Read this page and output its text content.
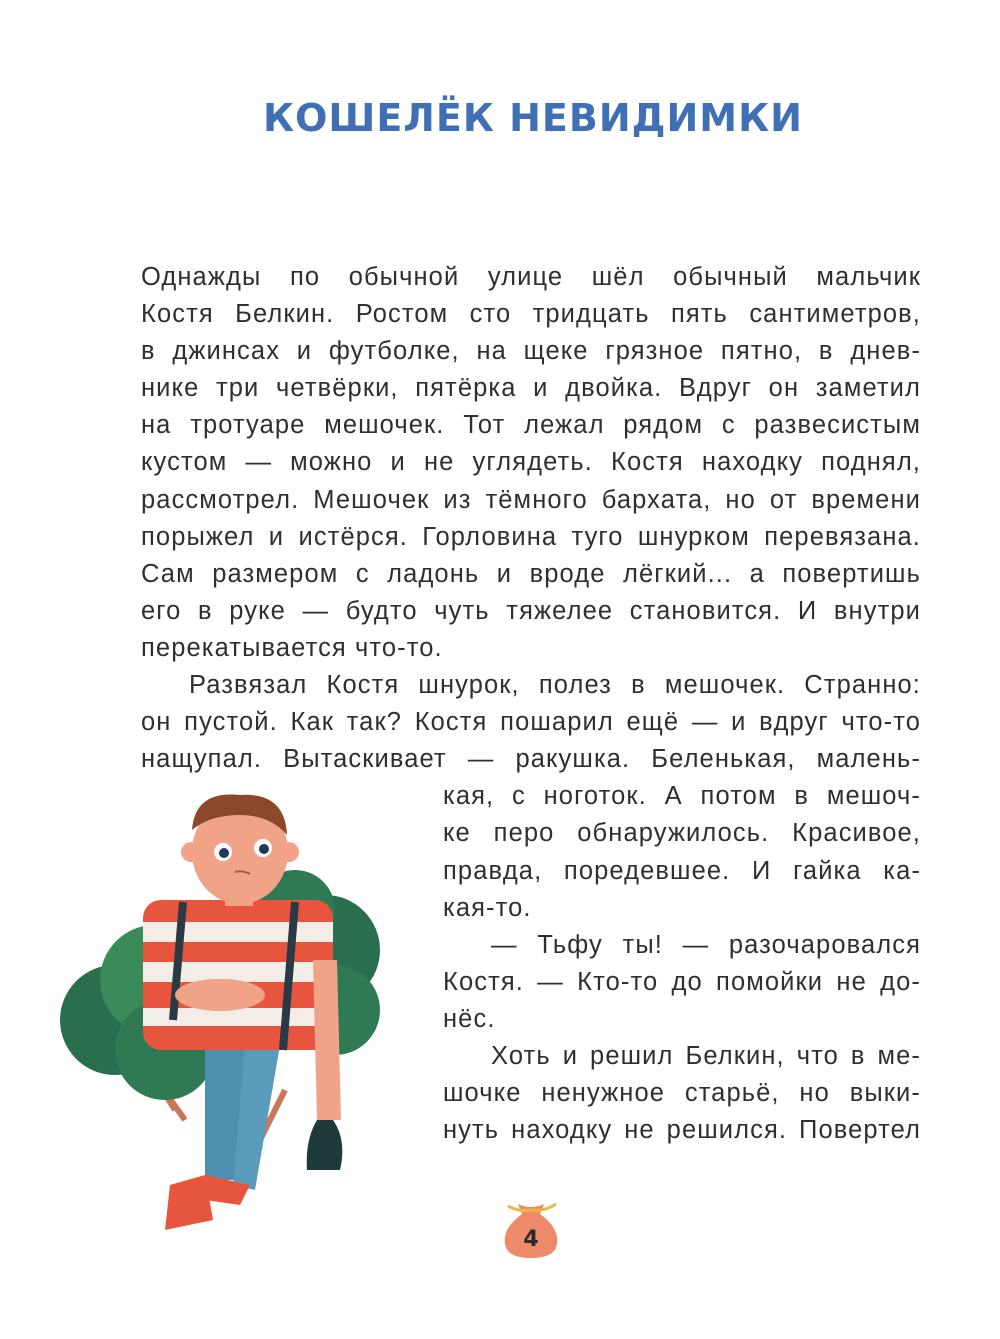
КОШЕЛЁК НЕВИДИМКИ
Однажды по обычной улице шёл обычный мальчик
Костя Белкин. Ростом сто тридцать пять сантиметров,
в джинсах и футболке, на щеке грязное пятно, в днев-
нике три четвёрки, пятёрка и двойка. Вдруг он заметил
на тротуаре мешочек. Тот лежал рядом с развесистым
кустом — можно и не углядеть. Костя находку поднял,
рассмотрел. Мешочек из тёмного бархата, но от времени
порыжел и истёрся. Горловина туго шнурком перевязана.
Сам размером с ладонь и вроде лёгкий... а повертишь
его в руке — будто чуть тяжелее становится. И внутри
перекатывается что-то.
Развязал Костя шнурок, полез в мешочек. Странно:
он пустой. Как так? Костя пошарил ещё — и вдруг что-то
нащупал. Вытаскивает — ракушка. Беленькая, малень-
кая, с ноготок. А потом в мешоч-
ке перо обнаружилось. Красивое,
правда, поредевшее. И гайка ка-
кая-то.
— Тьфу ты! — разочаровался
Костя. — Кто-то до помойки не до-
нёс.
Хоть и решил Белкин, что в ме-
шочке ненужное старьё, но выки-
нуть находку не решился. Повертел
4
